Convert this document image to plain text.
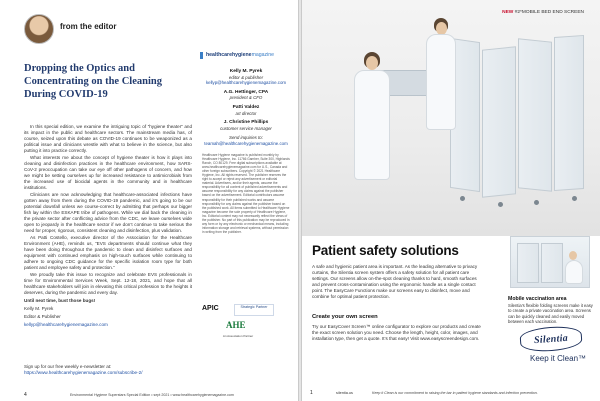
from the editor
Dropping the Optics and Concentrating on the Cleaning During COVID-19

In this special edition, we examine the intriguing topic of “hygiene theater” and its impact in the public and healthcare sectors. The mainstream media has, of course, seized upon this debate as COVID-19 continues to be weaponized as a political issue and clinicians wrestle with what to believe in the science, but also putting it into practice correctly.

What interests me about the concept of hygiene theater is how it plays into cleaning and disinfection practices in the healthcare environment, how SARS-CoV-2 preoccupation can take our eye off other pathogens of concern, and how we might be setting ourselves up for increased resistance to antimicrobials from the increased use of biocidal agents in the community and in healthcare institutions.

Clinicians are now acknowledging that healthcare-associated infections have gotten away from them during the COVID-19 pandemic, and it’s going to be our potential downfall unless we course-correct by admitting that perhaps our bigger fish lay within the ESKAPE tribe of pathogens. While we dial back the cleaning in the private sector after conflicting advice from the CDC, we leave ourselves wide open to jeopardy in the healthcare sector if we don’t continue to take serious the need for proper, rigorous, consistent cleaning and disinfection, plus validation.

As Patti Costello, executive director of the Association for the Healthcare Environment (AHE), reminds us, “EVS departments should continue what they have been doing throughout the pandemic to clean and disinfect surfaces and equipment with continued emphasis on high-touch surfaces while continuing to adhere to ongoing CDC guidance for the specific isolation room type for both patient and employee safety and protection.”

We proudly take this issue to recognize and celebrate EVS professionals in time for Environmental Services Week, Sept. 12-18, 2021, and hope that all healthcare stakeholders will join in elevating this critical profession to the heights it deserves, during the pandemic and every day.

Until next time, bust those bugs!

Kelly M. Pyrek

Editor & Publisher

kellyp@healthcarehygienemagazine.com

healthcarehygienemagazine
Kelly M. Pyrek
editor & publisher
kellyp@healthcarehygienemagazine.com
A.G. Hettinger, CPA
president & CFO
Patti Valdez
art director
J. Christine Phillips
customer service manager
Send inquiries to:
teamah@healthcarehygienemagazine.com
Healthcare Hygiene magazine is published monthly by Healthcare Hygiene, Inc. 11766 Gamber, Suite 300, Highlands Ranch, CO 80129. Free digital subscriptions available at www.healthcarehygienemagazine.com for U.S., Canada and other foreign subscribers. Copyright © 2021 Healthcare Hygiene, Inc. All rights reserved. The publisher reserves the right to accept or reject any advertisement or editorial material. Advertisers, and/or their agents, assume the responsibility for all content of published advertisements and assume responsibility for any claims against the publisher based on the advertisement. Editorial contributors assume responsibility for their published works and assume responsibility for any claims against the publisher based on the published work. All items submitted to Healthcare Hygiene magazine become the sole property of Healthcare Hygiene, Inc. Editorial content may not necessarily reflect the views of the publisher. No part of this publication may be reproduced in any form or by any electronic or mechanical means, including information storage and retrieval systems, without permission in writing from the publisher.
APIC	Strategic Partner
AHE
An Association Partner
Sign up for our free weekly e-newsletter at:
https://www.healthcarehygienemagazine.com/subscribe-2/
4	Environmental Hygiene Superstars Special Edition • sept 2021 • www.healthcarehygienemagazine.com
NEW #2*MOBILE BED END SCREEN
Patient safety solutions

A safe and hygienic patient area is important. As the leading alternative to privacy curtains, the Silentia screen system offers a safety solution for all patient care settings. Our screens allow on-the-spot cleaning thanks to hard, smooth surfaces and prevent cross-contamination using the ergonomic handle as a single contact point. The EasyCare Functions make our screens easy to disinfect, move and combine for optimal patient protection.

Create your own screen

Try our EasyCover Screen™ online configurator to explore our products and create the exact screen solution you need. Choose the length, height, color, images, and installation type, then get a quote. It’s that easy! Visit www.easyscreendesign.com.

Mobile vaccination area
Silentia’s flexible folding screens make it easy to create a private vaccination area. Screens can be quickly cleaned and easily moved between each vaccination.
Silentia
Keep it Clean™
1	silentia.us	Keep it Clean is our commitment to raising the bar in patient hygiene standards and infection prevention.
